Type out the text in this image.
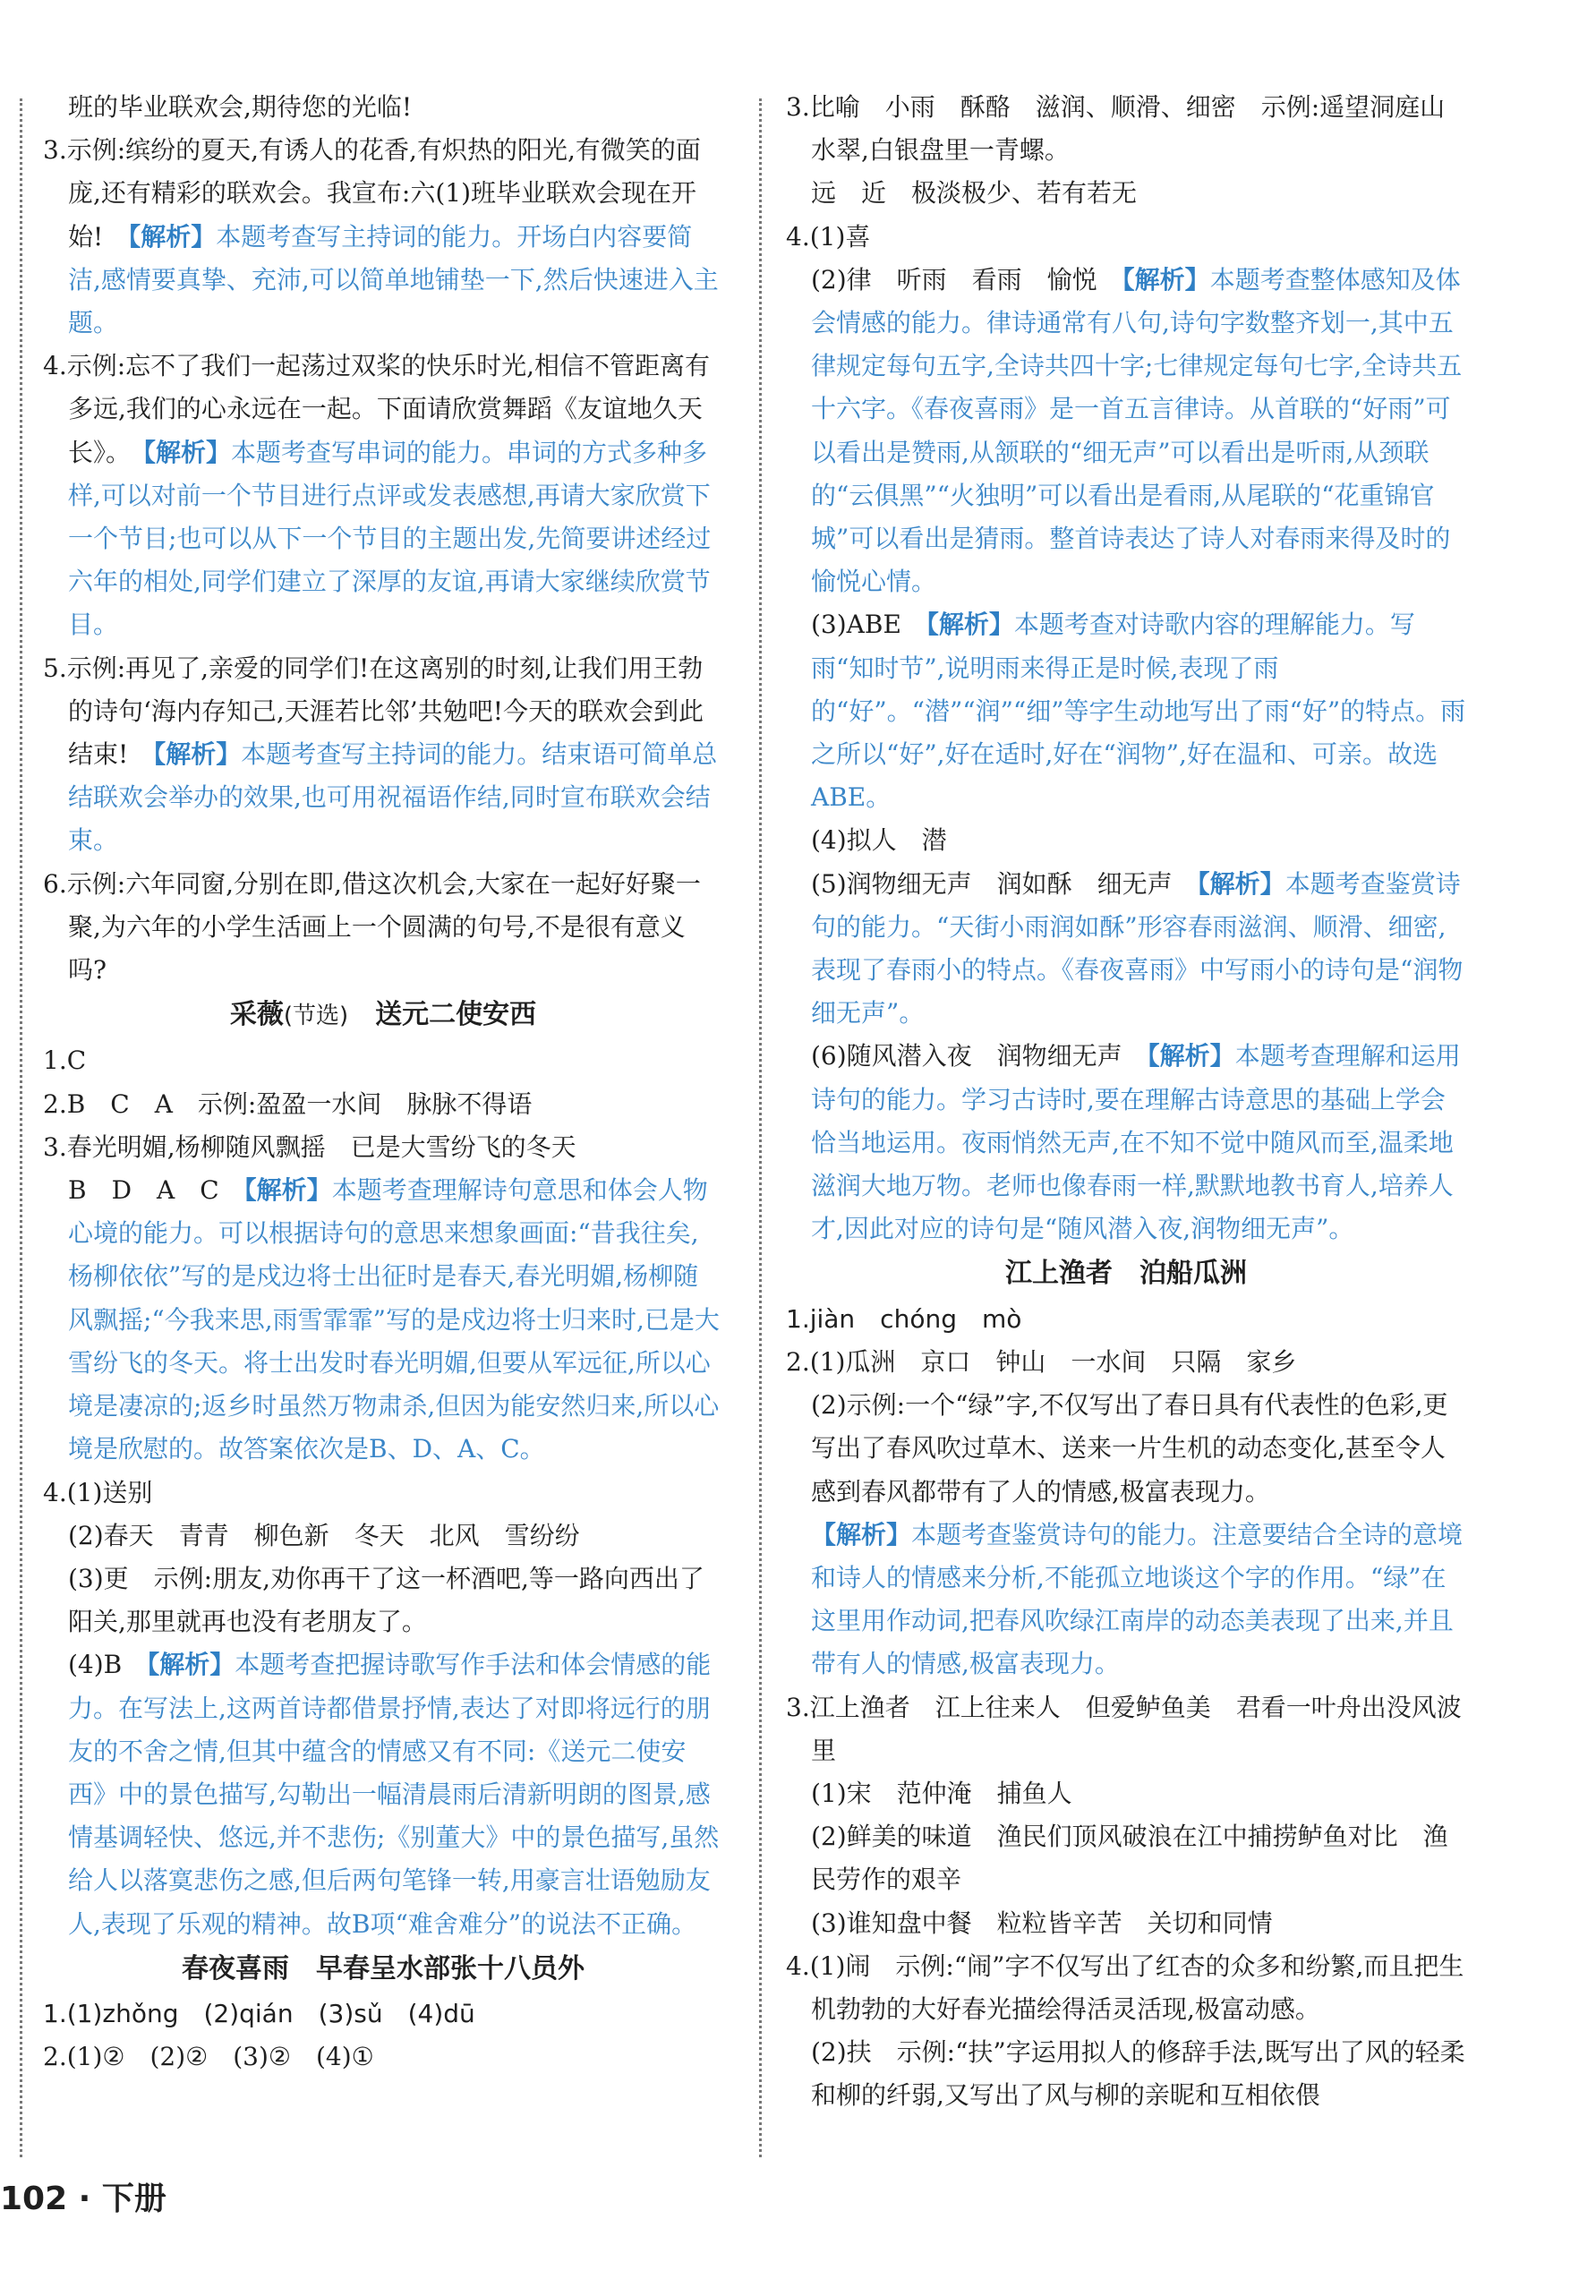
班的毕业联欢会,期待您的光临!

3.示例:缤纷的夏天,有诱人的花香,有炽热的阳光,有微笑的面庞,还有精彩的联欢会。我宣布:六(1)班毕业联欢会现在开始! 【解析】本题考查写主持词的能力。开场白内容要简洁,感情要真挚、充沛,可以简单地铺垫一下,然后快速进入主题。

4.示例:忘不了我们一起荡过双桨的快乐时光,相信不管距离有多远,我们的心永远在一起。下面请欣赏舞蹈《友谊地久天长》。 【解析】本题考查写串词的能力。串词的方式多种多样,可以对前一个节目进行点评或发表感想,再请大家欣赏下一个节目;也可以从下一个节目的主题出发,先简要讲述经过六年的相处,同学们建立了深厚的友谊,再请大家继续欣赏节目。

5.示例:再见了,亲爱的同学们!在这离别的时刻,让我们用王勃的诗句‘海内存知己,天涯若比邻’共勉吧!今天的联欢会到此结束! 【解析】本题考查写主持词的能力。结束语可简单总结联欢会举办的效果,也可用祝福语作结,同时宣布联欢会结束。

6.示例:六年同窗,分别在即,借这次机会,大家在一起好好聚一聚,为六年的小学生活画上一个圆满的句号,不是很有意义吗?

采薇(节选)  送元二使安西

1.C

2.B　C　A　示例:盈盈一水间　脉脉不得语

3.春光明媚,杨柳随风飘摇　已是大雪纷飞的冬天

B　D　A　C 【解析】本题考查理解诗句意思和体会人物心境的能力。可以根据诗句的意思来想象画面:“昔我往矣,杨柳依依”写的是戍边将士出征时是春天,春光明媚,杨柳随风飘摇;“今我来思,雨雪霏霏”写的是戍边将士归来时,已是大雪纷飞的冬天。将士出发时春光明媚,但要从军远征,所以心境是凄凉的;返乡时虽然万物肃杀,但因为能安然归来,所以心境是欣慰的。故答案依次是B、D、A、C。

4.(1)送别

(2)春天　青青　柳色新　冬天　北风　雪纷纷

(3)更　示例:朋友,劝你再干了这一杯酒吧,等一路向西出了阳关,那里就再也没有老朋友了。

(4)B 【解析】本题考查把握诗歌写作手法和体会情感的能力。在写法上,这两首诗都借景抒情,表达了对即将远行的朋友的不舍之情,但其中蕴含的情感又有不同:《送元二使安西》中的景色描写,勾勒出一幅清晨雨后清新明朗的图景,感情基调轻快、悠远,并不悲伤;《别董大》中的景色描写,虽然给人以落寞悲伤之感,但后两句笔锋一转,用豪言壮语勉励友人,表现了乐观的精神。故B项“难舍难分”的说法不正确。

春夜喜雨  早春呈水部张十八员外

1.(1)zhǒng　(2)qián　(3)sǔ　(4)dū

2.(1)②　(2)②　(3)②　(4)①

3.比喻　小雨　酥酪　滋润、顺滑、细密　示例:遥望洞庭山水翠,白银盘里一青螺。

远　近　极淡极少、若有若无

4.(1)喜

(2)律　听雨　看雨　愉悦 【解析】本题考查整体感知及体会情感的能力。律诗通常有八句,诗句字数整齐划一,其中五律规定每句五字,全诗共四十字;七律规定每句七字,全诗共五十六字。《春夜喜雨》是一首五言律诗。从首联的“好雨”可以看出是赞雨,从颔联的“细无声”可以看出是听雨,从颈联的“云俱黑”“火独明”可以看出是看雨,从尾联的“花重锦官城”可以看出是猜雨。整首诗表达了诗人对春雨来得及时的愉悦心情。

(3)ABE 【解析】本题考查对诗歌内容的理解能力。写雨“知时节”,说明雨来得正是时候,表现了雨的“好”。“潜”“润”“细”等字生动地写出了雨“好”的特点。雨之所以“好”,好在适时,好在“润物”,好在温和、可亲。故选ABE。

(4)拟人　潜

(5)润物细无声　润如酥　细无声 【解析】本题考查鉴赏诗句的能力。“天街小雨润如酥”形容春雨滋润、顺滑、细密,表现了春雨小的特点。《春夜喜雨》中写雨小的诗句是“润物细无声”。

(6)随风潜入夜　润物细无声 【解析】本题考查理解和运用诗句的能力。学习古诗时,要在理解古诗意思的基础上学会恰当地运用。夜雨悄然无声,在不知不觉中随风而至,温柔地滋润大地万物。老师也像春雨一样,默默地教书育人,培养人才,因此对应的诗句是“随风潜入夜,润物细无声”。

江上渔者  泊船瓜洲

1.jiàn　chóng　mò

2.(1)瓜洲　京口　钟山　一水间　只隔　家乡

(2)示例:一个“绿”字,不仅写出了春日具有代表性的色彩,更写出了春风吹过草木、送来一片生机的动态变化,甚至令人感到春风都带有了人的情感,极富表现力。

【解析】本题考查鉴赏诗句的能力。注意要结合全诗的意境和诗人的情感来分析,不能孤立地谈这个字的作用。“绿”在这里用作动词,把春风吹绿江南岸的动态美表现了出来,并且带有人的情感,极富表现力。

3.江上渔者　江上往来人　但爱鲈鱼美　君看一叶舟出没风波里

(1)宋　范仲淹　捕鱼人

(2)鲜美的味道　渔民们顶风破浪在江中捕捞鲈鱼对比　渔民劳作的艰辛

(3)谁知盘中餐　粒粒皆辛苦　关切和同情

4.(1)闹　示例:“闹”字不仅写出了红杏的众多和纷繁,而且把生机勃勃的大好春光描绘得活灵活现,极富动感。

(2)扶　示例:“扶”字运用拟人的修辞手法,既写出了风的轻柔和柳的纤弱,又写出了风与柳的亲昵和互相依偎

102 · 下册
